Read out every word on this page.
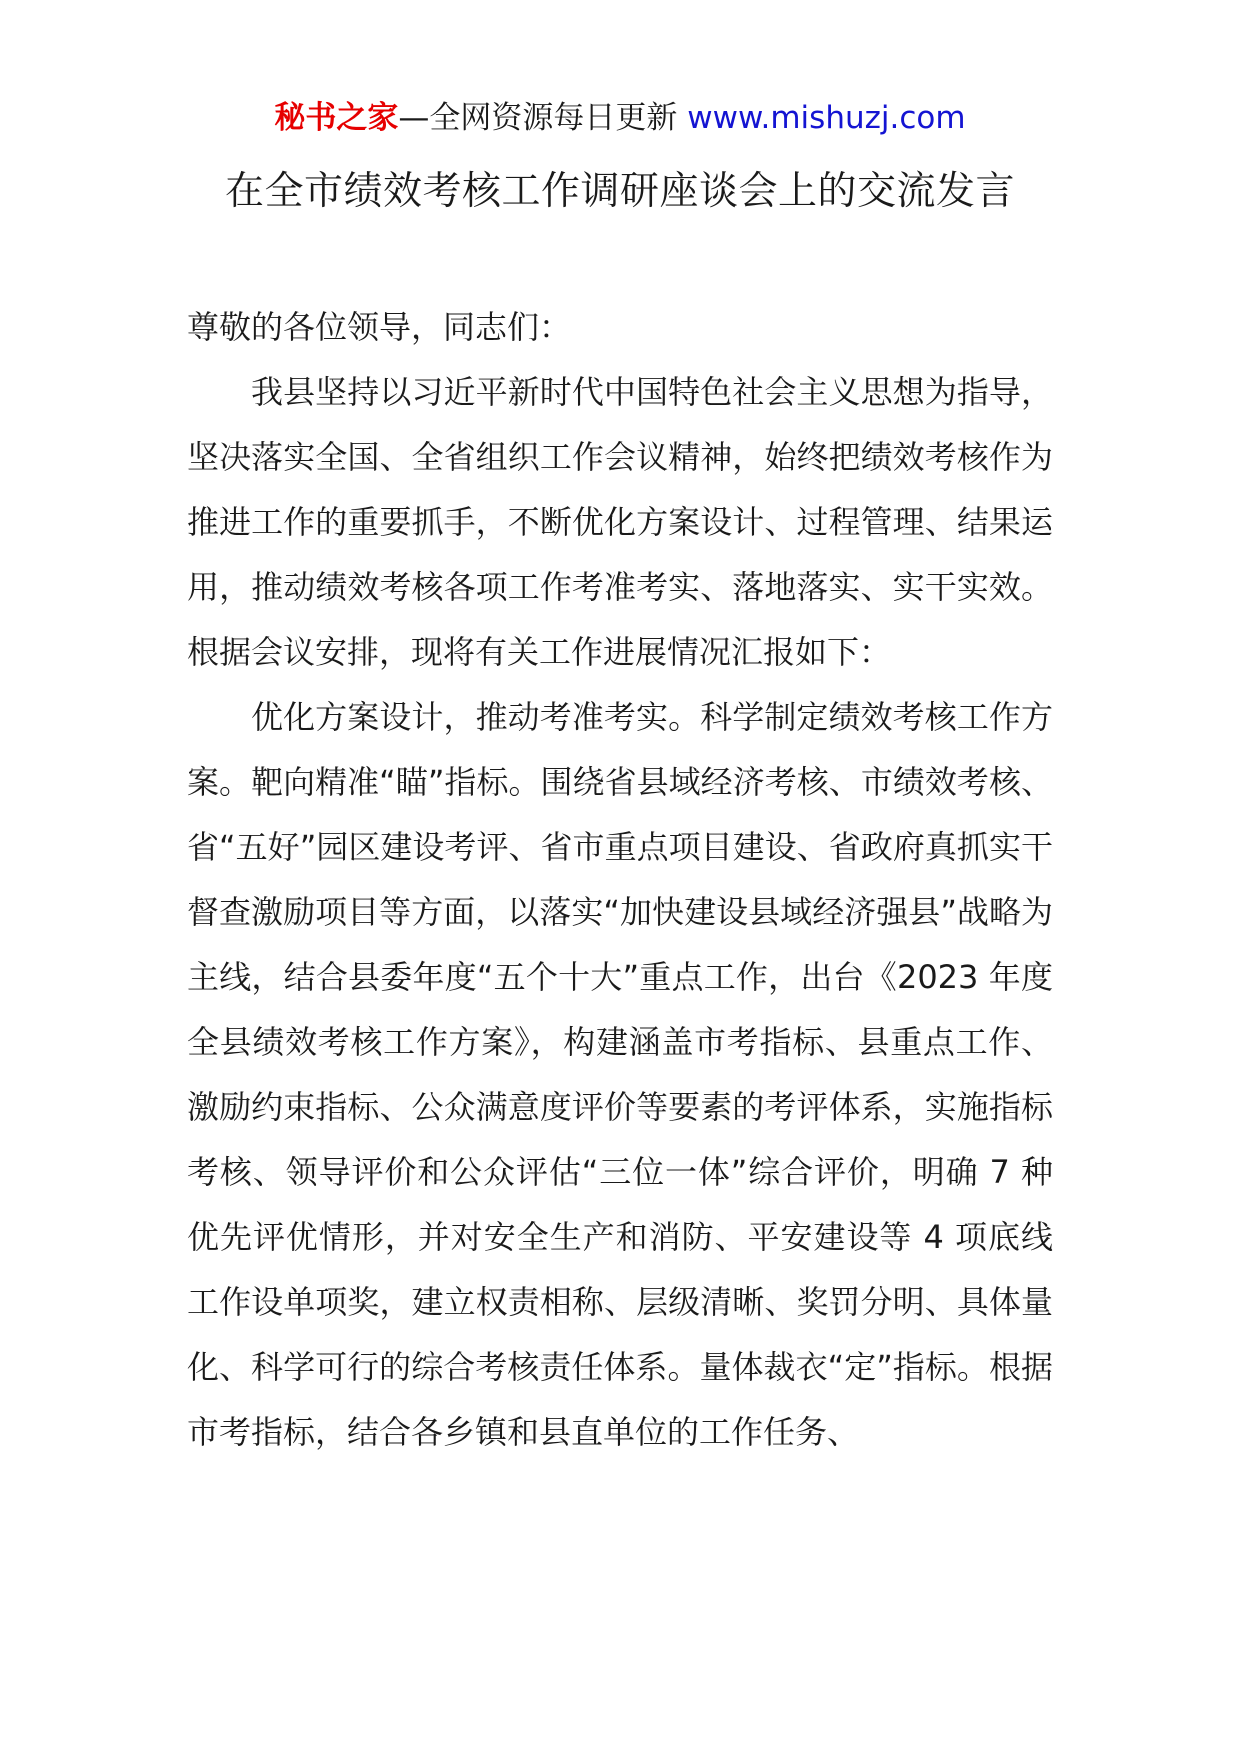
秘书之家—全网资源每日更新 www.mishuzj.com
在全市绩效考核工作调研座谈会上的交流发言

尊敬的各位领导，同志们：

我县坚持以习近平新时代中国特色社会主义思想为指导，坚决落实全国、全省组织工作会议精神，始终把绩效考核作为推进工作的重要抓手，不断优化方案设计、过程管理、结果运用，推动绩效考核各项工作考准考实、落地落实、实干实效。根据会议安排，现将有关工作进展情况汇报如下：

优化方案设计，推动考准考实。科学制定绩效考核工作方案。靶向精准“瞄”指标。围绕省县域经济考核、市绩效考核、省“五好”园区建设考评、省市重点项目建设、省政府真抓实干督查激励项目等方面，以落实“加快建设县域经济强县”战略为主线，结合县委年度“五个十大”重点工作，出台《2023 年度全县绩效考核工作方案》，构建涵盖市考指标、县重点工作、激励约束指标、公众满意度评价等要素的考评体系，实施指标考核、领导评价和公众评估“三位一体”综合评价，明确 7 种优先评优情形，并对安全生产和消防、平安建设等 4 项底线工作设单项奖，建立权责相称、层级清晰、奖罚分明、具体量化、科学可行的综合考核责任体系。量体裁衣“定”指标。根据市考指标，结合各乡镇和县直单位的工作任务、
